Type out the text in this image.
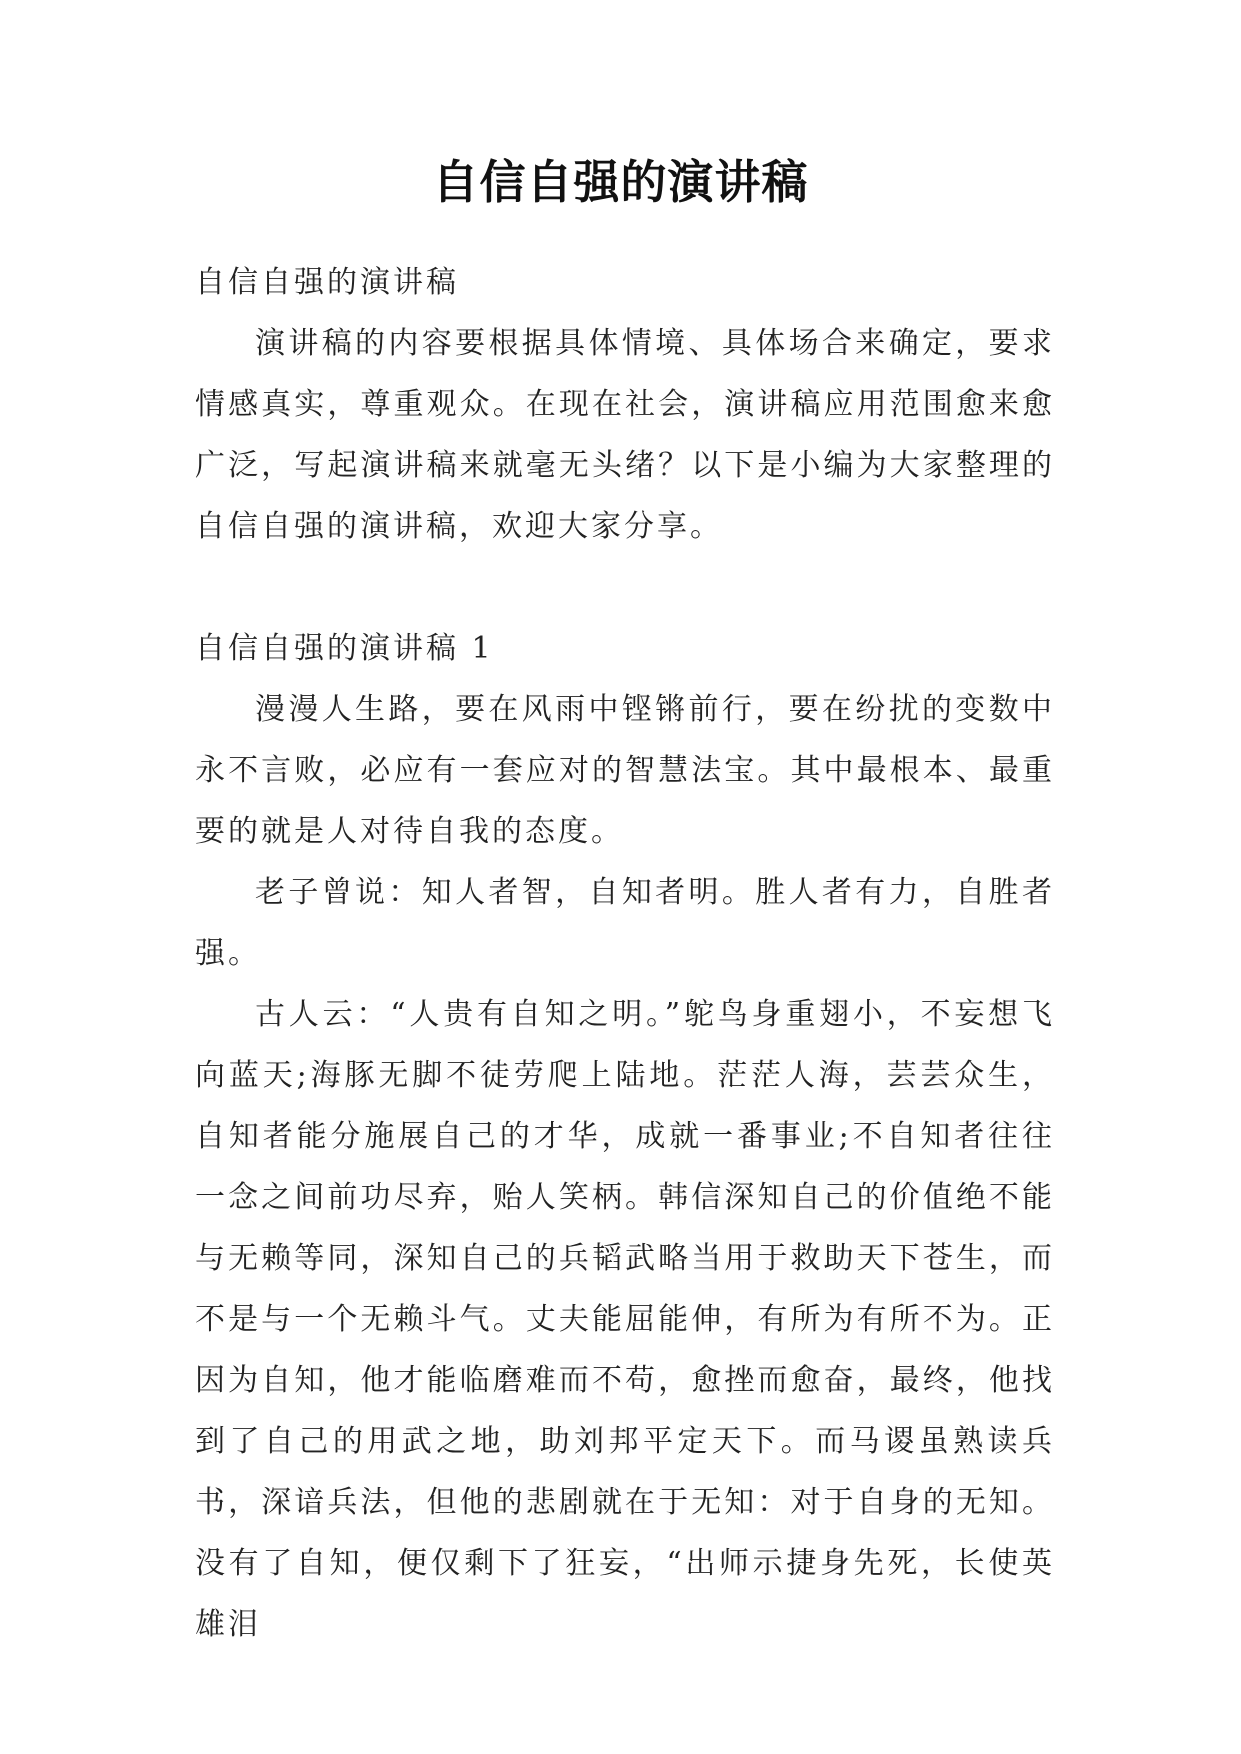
自信自强的演讲稿

自信自强的演讲稿

演讲稿的内容要根据具体情境、具体场合来确定，要求情感真实，尊重观众。在现在社会，演讲稿应用范围愈来愈广泛，写起演讲稿来就毫无头绪？以下是小编为大家整理的自信自强的演讲稿，欢迎大家分享。

自信自强的演讲稿 1

漫漫人生路，要在风雨中铿锵前行，要在纷扰的变数中永不言败，必应有一套应对的智慧法宝。其中最根本、最重要的就是人对待自我的态度。

老子曾说：知人者智，自知者明。胜人者有力，自胜者强。

古人云：“人贵有自知之明。”鸵鸟身重翅小，不妄想飞向蓝天;海豚无脚不徒劳爬上陆地。茫茫人海，芸芸众生，自知者能分施展自己的才华，成就一番事业;不自知者往往一念之间前功尽弃，贻人笑柄。韩信深知自己的价值绝不能与无赖等同，深知自己的兵韬武略当用于救助天下苍生，而不是与一个无赖斗气。丈夫能屈能伸，有所为有所不为。正因为自知，他才能临磨难而不苟，愈挫而愈奋，最终，他找到了自己的用武之地，助刘邦平定天下。而马谡虽熟读兵书，深谙兵法，但他的悲剧就在于无知：对于自身的无知。没有了自知，便仅剩下了狂妄，“出师示捷身先死，长使英雄泪
